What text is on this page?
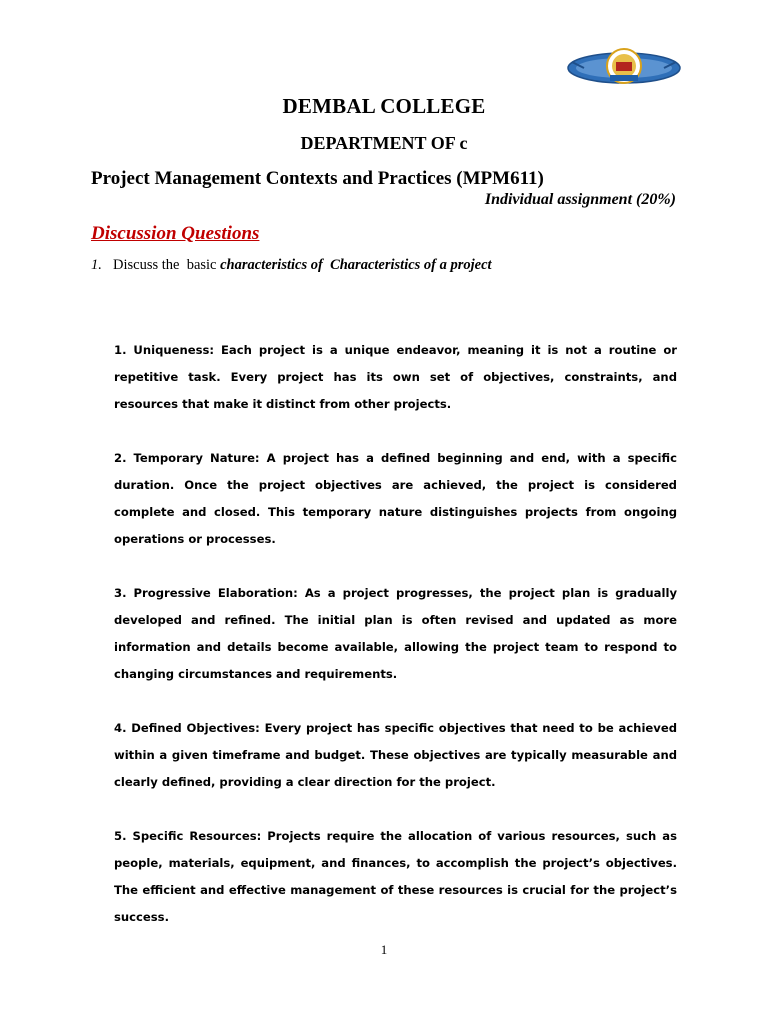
DEMBAL COLLEGE
DEPARTMENT OF c
Project Management Contexts and Practices (MPM611)
Individual assignment (20%)
Discussion Questions
1. Discuss the  basic characteristics of  Characteristics of a project

1. Uniqueness: Each project is a unique endeavor, meaning it is not a routine or repetitive task. Every project has its own set of objectives, constraints, and resources that make it distinct from other projects.

2. Temporary Nature: A project has a defined beginning and end, with a specific duration. Once the project objectives are achieved, the project is considered complete and closed. This temporary nature distinguishes projects from ongoing operations or processes.

3. Progressive Elaboration: As a project progresses, the project plan is gradually developed and refined. The initial plan is often revised and updated as more information and details become available, allowing the project team to respond to changing circumstances and requirements.

4. Defined Objectives: Every project has specific objectives that need to be achieved within a given timeframe and budget. These objectives are typically measurable and clearly defined, providing a clear direction for the project.

5. Specific Resources: Projects require the allocation of various resources, such as people, materials, equipment, and finances, to accomplish the project’s objectives. The efficient and effective management of these resources is crucial for the project’s success.

1
